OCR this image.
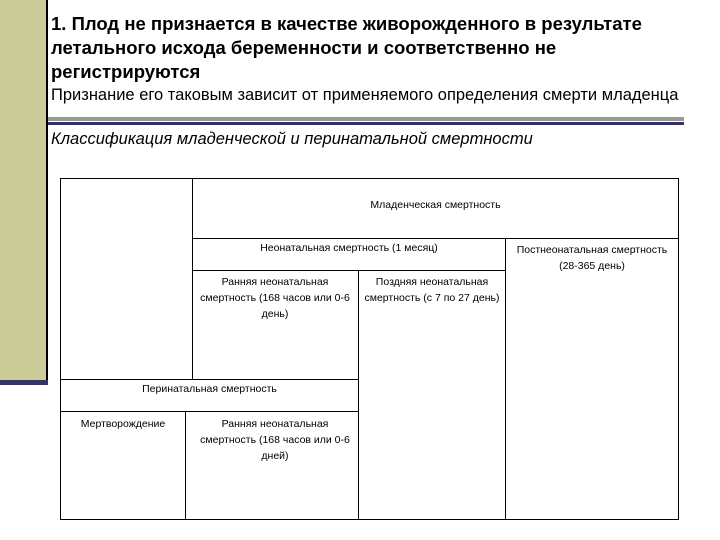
1. Плод не признается в качестве живорожденного в результате летального исхода беременности и соответственно не регистрируются

Признание его таковым зависит от применяемого определения смерти младенца

Классификация младенческой и перинатальной смертности

Младенческая смертность
Неонатальная смертность (1 месяц)	Постнеонатальная смертность (28-365 день)
Ранняя неонатальная смертность (168 часов или 0-6 день)
Поздняя неонатальная смертность (с 7 по 27 день)
Перинатальная смертность
Мертворождение	Ранняя неонатальная смертность (168 часов или 0-6 дней)
